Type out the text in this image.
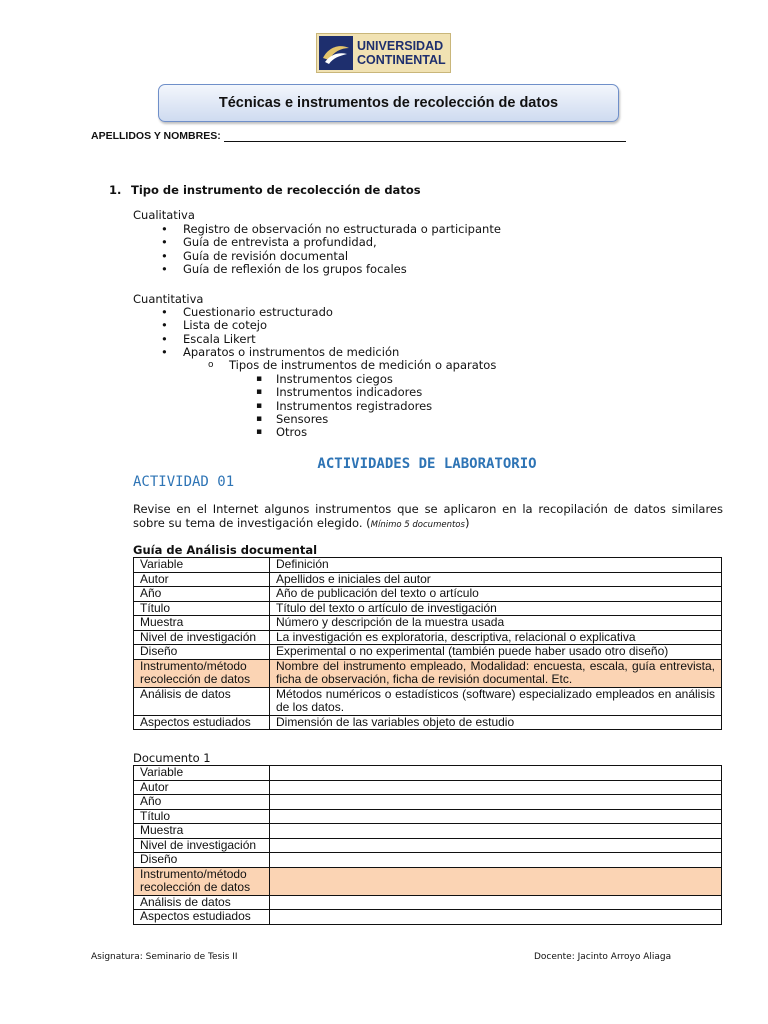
UNIVERSIDAD
CONTINENTAL
Técnicas e instrumentos de recolección de datos
APELLIDOS Y NOMBRES:
1. Tipo de instrumento de recolección de datos
Cualitativa
• Registro de observación no estructurada o participante
• Guía de entrevista a profundidad,
• Guía de revisión documental
• Guía de reflexión de los grupos focales
Cuantitativa
• Cuestionario estructurado
• Lista de cotejo
• Escala Likert
• Aparatos o instrumentos de medición
o Tipos de instrumentos de medición o aparatos
▪ Instrumentos ciegos
▪ Instrumentos indicadores
▪ Instrumentos registradores
▪ Sensores
▪ Otros
ACTIVIDADES DE LABORATORIO
ACTIVIDAD 01
Revise en el Internet algunos instrumentos que se aplicaron en la recopilación de datos similares sobre su tema de investigación elegido. (Mínimo 5 documentos)
Guía de Análisis documental
Variable	Definición
Autor	Apellidos e iniciales del autor
Año	Año de publicación del texto o artículo
Título	Título del texto o artículo de investigación
Muestra	Número y descripción de la muestra usada
Nivel de investigación	La investigación es exploratoria, descriptiva, relacional o explicativa
Diseño	Experimental o no experimental (también puede haber usado otro diseño)
Instrumento/método recolección de datos	Nombre del instrumento empleado, Modalidad: encuesta, escala, guía entrevista, ficha de observación, ficha de revisión documental. Etc.
Análisis de datos	Métodos numéricos o estadísticos (software) especializado empleados en análisis de los datos.
Aspectos estudiados	Dimensión de las variables objeto de estudio
Documento 1
Variable	
Autor	
Año	
Título	
Muestra	
Nivel de investigación	
Diseño	
Instrumento/método recolección de datos	
Análisis de datos	
Aspectos estudiados	
Asignatura: Seminario de Tesis II	Docente: Jacinto Arroyo Aliaga
